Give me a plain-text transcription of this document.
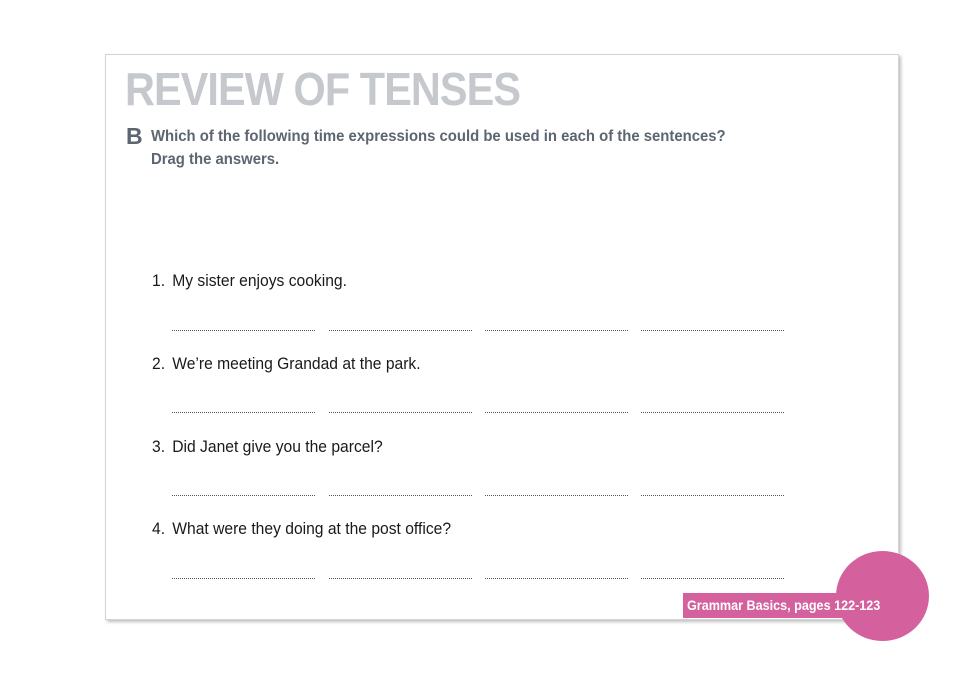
REVIEW OF TENSES
B Which of the following time expressions could be used in each of the sentences?
Drag the answers.
1. My sister enjoys cooking.
2. We’re meeting Grandad at the park.
3. Did Janet give you the parcel?
4. What were they doing at the post office?
Grammar Basics, pages 122-123
